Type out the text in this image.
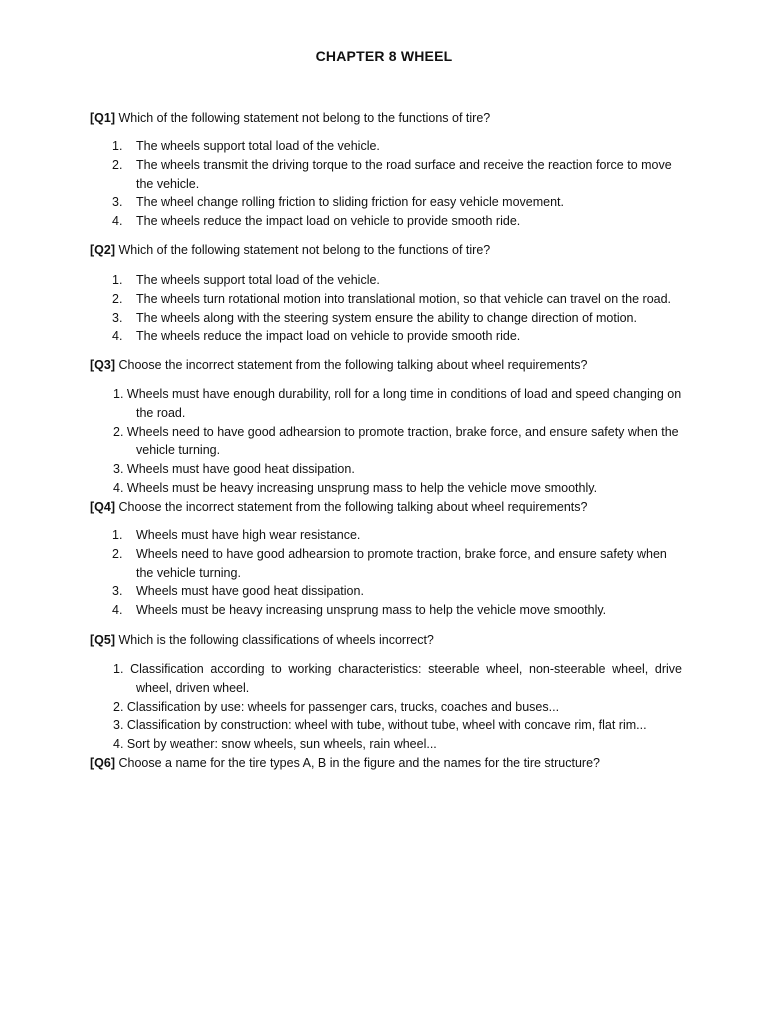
CHAPTER 8 WHEEL
[Q1] Which of the following statement not belong to the functions of tire?
1. The wheels support total load of the vehicle.
2. The wheels transmit the driving torque to the road surface and receive the reaction force to move the vehicle.
3. The wheel change rolling friction to sliding friction for easy vehicle movement.
4. The wheels reduce the impact load on vehicle to provide smooth ride.
[Q2] Which of the following statement not belong to the functions of tire?
1. The wheels support total load of the vehicle.
2. The wheels turn rotational motion into translational motion, so that vehicle can travel on the road.
3. The wheels along with the steering system ensure the ability to change direction of motion.
4. The wheels reduce the impact load on vehicle to provide smooth ride.
[Q3] Choose the incorrect statement from the following talking about wheel requirements?
1. Wheels must have enough durability, roll for a long time in conditions of load and speed changing on the road.
2. Wheels need to have good adhearsion to promote traction, brake force, and ensure safety when the vehicle turning.
3. Wheels must have good heat dissipation.
4. Wheels must be heavy increasing unsprung mass to help the vehicle move smoothly.
[Q4] Choose the incorrect statement from the following talking about wheel requirements?
1. Wheels must have high wear resistance.
2. Wheels need to have good adhearsion to promote traction, brake force, and ensure safety when the vehicle turning.
3. Wheels must have good heat dissipation.
4. Wheels must be heavy increasing unsprung mass to help the vehicle move smoothly.
[Q5] Which is the following classifications of wheels incorrect?
1. Classification according to working characteristics: steerable wheel, non-steerable wheel, drive wheel, driven wheel.
2. Classification by use: wheels for passenger cars, trucks, coaches and buses...
3. Classification by construction: wheel with tube, without tube, wheel with concave rim, flat rim...
4. Sort by weather: snow wheels, sun wheels, rain wheel...
[Q6] Choose a name for the tire types A, B in the figure and the names for the tire structure?
